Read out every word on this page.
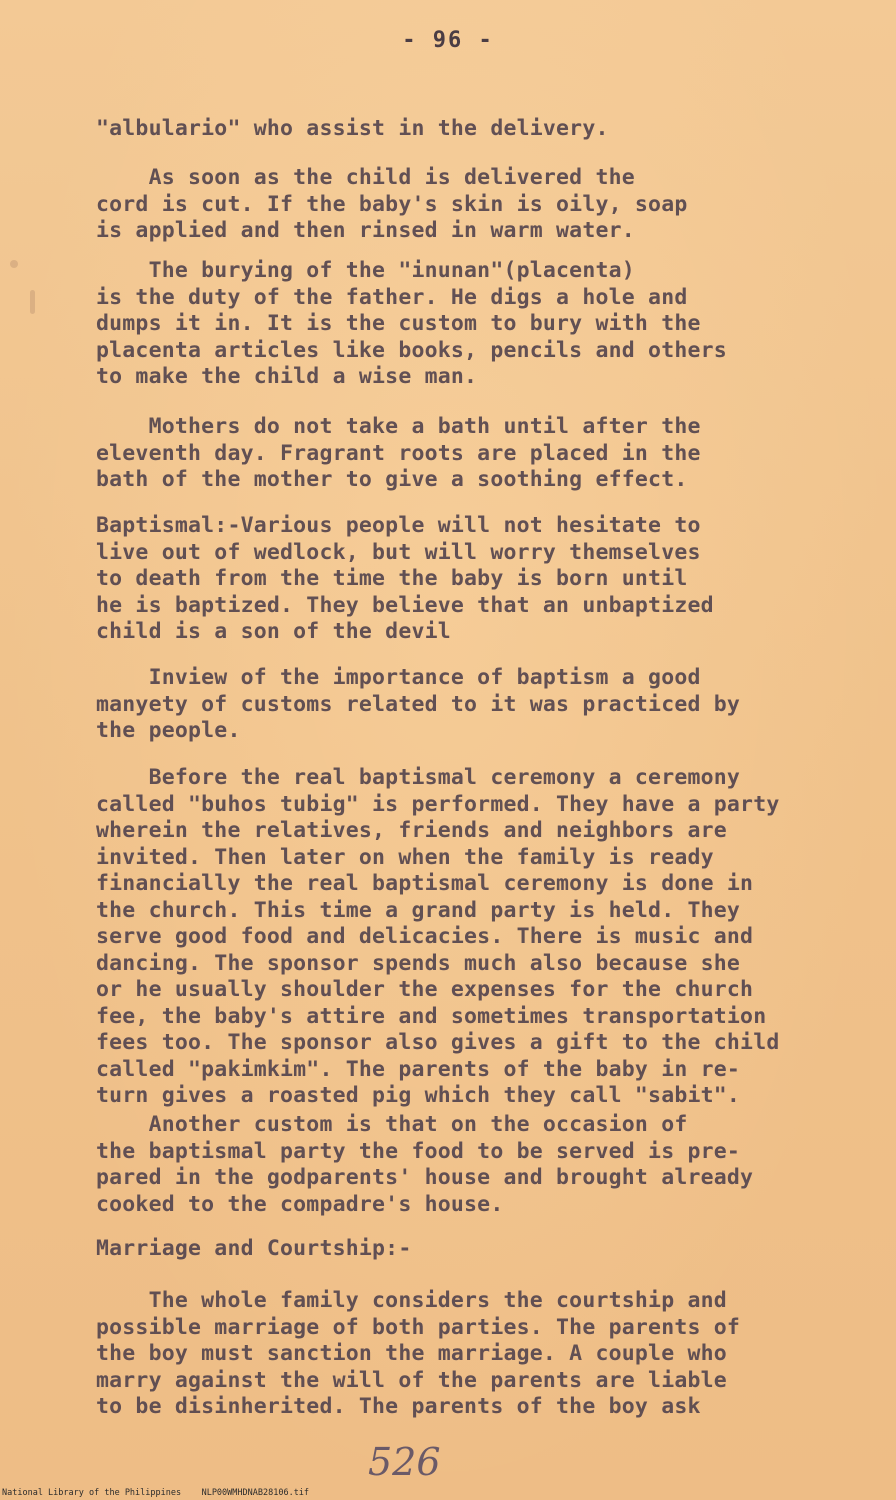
- 96 -
"albulario" who assist in the delivery.
As soon as the child is delivered the
cord is cut. If the baby's skin is oily, soap
is applied and then rinsed in warm water.
The burying of the "inunan"(placenta)
is the duty of the father. He digs a hole and
dumps it in. It is the custom to bury with the
placenta articles like books, pencils and others
to make the child a wise man.
Mothers do not take a bath until after the
eleventh day. Fragrant roots are placed in the
bath of the mother to give a soothing effect.
Baptismal:-Various people will not hesitate to
live out of wedlock, but will worry themselves
to death from the time the baby is born until
he is baptized. They believe that an unbaptized
child is a son of the devil
Inview of the importance of baptism a good
manyety of customs related to it was practiced by
the people.
Before the real baptismal ceremony a ceremony
called "buhos tubig" is performed. They have a party
wherein the relatives, friends and neighbors are
invited. Then later on when the family is ready
financially the real baptismal ceremony is done in
the church. This time a grand party is held. They
serve good food and delicacies. There is music and
dancing. The sponsor spends much also because she
or he usually shoulder the expenses for the church
fee, the baby's attire and sometimes transportation
fees too. The sponsor also gives a gift to the child
called "pakimkim". The parents of the baby in re-
turn gives a roasted pig which they call "sabit".
Another custom is that on the occasion of
the baptismal party the food to be served is pre-
pared in the godparents' house and brought already
cooked to the compadre's house.
Marriage and Courtship:-
The whole family considers the courtship and
possible marriage of both parties. The parents of
the boy must sanction the marriage. A couple who
marry against the will of the parents are liable
to be disinherited. The parents of the boy ask
526
National Library of the Philippines    NLP00WMHDNAB28106.tif
